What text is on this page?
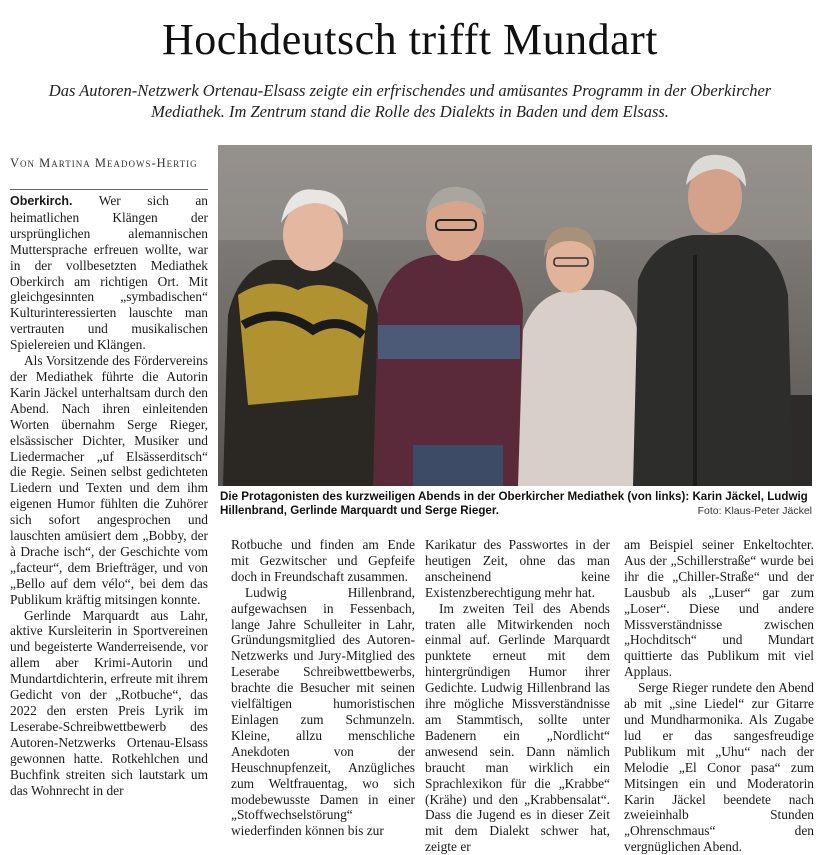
Hochdeutsch trifft Mundart
Das Autoren-Netzwerk Ortenau-Elsass zeigte ein erfrischendes und amüsantes Programm in der Oberkircher Mediathek. Im Zentrum stand die Rolle des Dialekts in Baden und dem Elsass.
Von Martina Meadows-Hertig

Oberkirch. Wer sich an heimatlichen Klängen der ursprünglichen alemannischen Muttersprache erfreuen wollte, war in der vollbesetzten Mediathek Oberkirch am richtigen Ort. Mit gleichgesinnten „symbadischen“ Kulturinteressierten lauschte man vertrauten und musikalischen Spielereien und Klängen.

Als Vorsitzende des Fördervereins der Mediathek führte die Autorin Karin Jäckel unterhaltsam durch den Abend. Nach ihren einleitenden Worten übernahm Serge Rieger, elsässischer Dichter, Musiker und Liedermacher „uf Elsässerditsch“ die Regie. Seinen selbst gedichteten Liedern und Texten und dem ihm eigenen Humor fühlten die Zuhörer sich sofort angesprochen und lauschten amüsiert dem „Bobby, der à Drache isch“, der Geschichte vom „facteur“, dem Briefträger, und von „Bello auf dem vélo“, bei dem das Publikum kräftig mitsingen konnte.

Gerlinde Marquardt aus Lahr, aktive Kursleiterin in Sportvereinen und begeisterte Wanderreisende, vor allem aber Krimi-Autorin und Mundartdichterin, erfreute mit ihrem Gedicht von der „Rotbuche“, das 2022 den ersten Preis Lyrik im Leserabe-Schreibwettbewerb des Autoren-Netzwerks Ortenau-Elsass gewonnen hatte. Rotkehlchen und Buchfink streiten sich lautstark um das Wohnrecht in der

Die Protagonisten des kurzweiligen Abends in der Oberkircher Mediathek (von links): Karin Jäckel, Ludwig Hillenbrand, Gerlinde Marquardt und Serge Rieger.	Foto: Klaus-Peter Jäckel

Rotbuche und finden am Ende mit Gezwitscher und Gepfeife doch in Freundschaft zusammen.

Ludwig Hillenbrand, aufgewachsen in Fessenbach, lange Jahre Schulleiter in Lahr, Gründungsmitglied des Autoren-Netzwerks und Jury-Mitglied des Leserabe Schreibwettbewerbs, brachte die Besucher mit seinen vielfältigen humoristischen Einlagen zum Schmunzeln. Kleine, allzu menschliche Anekdoten von der Heuschnupfenzeit, Anzügliches zum Weltfrauentag, wo sich modebewusste Damen in einer „Stoffwechselstörung“ wiederfinden können bis zur

Karikatur des Passwortes in der heutigen Zeit, ohne das man anscheinend keine Existenzberechtigung mehr hat.

Im zweiten Teil des Abends traten alle Mitwirkenden noch einmal auf. Gerlinde Marquardt punktete erneut mit dem hintergründigen Humor ihrer Gedichte. Ludwig Hillenbrand las ihre mögliche Missverständnisse am Stammtisch, sollte unter Badenern ein „Nordlicht“ anwesend sein. Dann nämlich braucht man wirklich ein Sprachlexikon für die „Krabbe“ (Krähe) und den „Krabbensalat“. Dass die Jugend es in dieser Zeit mit dem Dialekt schwer hat, zeigte er

am Beispiel seiner Enkeltochter. Aus der „Schillerstraße“ wurde bei ihr die „Chiller-Straße“ und der Lausbub als „Luser“ gar zum „Loser“. Diese und andere Missverständnisse zwischen „Hochditsch“ und Mundart quittierte das Publikum mit viel Applaus.

Serge Rieger rundete den Abend ab mit „sine Liedel“ zur Gitarre und Mundharmonika. Als Zugabe lud er das sangesfreudige Publikum mit „Uhu“ nach der Melodie „El Conor pasa“ zum Mitsingen ein und Moderatorin Karin Jäckel beendete nach zweieinhalb Stunden „Ohrenschmaus“ den vergnüglichen Abend.
